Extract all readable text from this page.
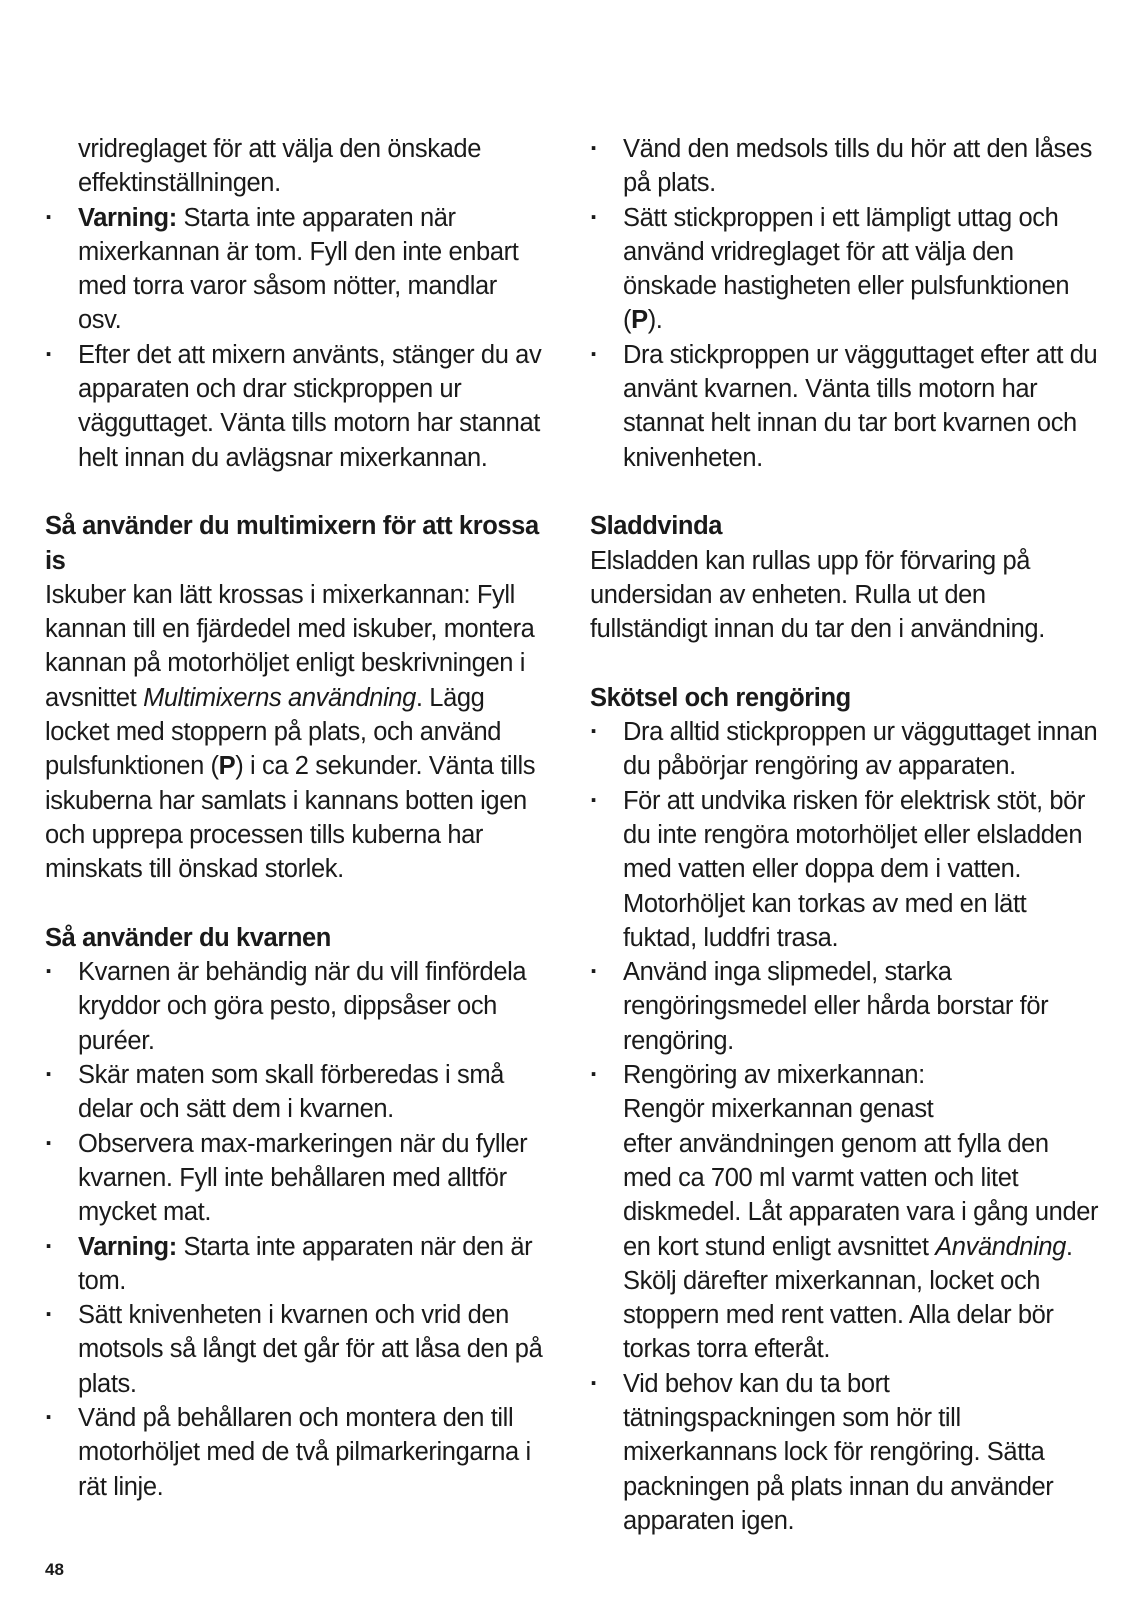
vridreglaget för att välja den önskade effektinställningen.

· Varning: Starta inte apparaten när mixerkannan är tom. Fyll den inte enbart med torra varor såsom nötter, mandlar osv.

· Efter det att mixern använts, stänger du av apparaten och drar stickproppen ur vägguttaget. Vänta tills motorn har stannat helt innan du avlägsnar mixerkannan.

Så använder du multimixern för att krossa is

Iskuber kan lätt krossas i mixerkannan: Fyll kannan till en fjärdedel med iskuber, montera kannan på motorhöljet enligt beskrivningen i avsnittet Multimixerns användning. Lägg locket med stoppern på plats, och använd pulsfunktionen (P) i ca 2 sekunder. Vänta tills iskuberna har samlats i kannans botten igen och upprepa processen tills kuberna har minskats till önskad storlek.

Så använder du kvarnen

· Kvarnen är behändig när du vill finfördela kryddor och göra pesto, dippsåser och puréer.

· Skär maten som skall förberedas i små delar och sätt dem i kvarnen.

· Observera max-markeringen när du fyller kvarnen. Fyll inte behållaren med alltför mycket mat.

· Varning: Starta inte apparaten när den är tom.

· Sätt knivenheten i kvarnen och vrid den motsols så långt det går för att låsa den på plats.

· Vänd på behållaren och montera den till motorhöljet med de två pilmarkeringarna i rät linje.

· Vänd den medsols tills du hör att den låses på plats.

· Sätt stickproppen i ett lämpligt uttag och använd vridreglaget för att välja den önskade hastigheten eller pulsfunktionen (P).

· Dra stickproppen ur vägguttaget efter att du använt kvarnen. Vänta tills motorn har stannat helt innan du tar bort kvarnen och knivenheten.

Sladdvinda

Elsladden kan rullas upp för förvaring på undersidan av enheten. Rulla ut den fullständigt innan du tar den i användning.

Skötsel och rengöring

· Dra alltid stickproppen ur vägguttaget innan du påbörjar rengöring av apparaten.

· För att undvika risken för elektrisk stöt, bör du inte rengöra motorhöljet eller elsladden med vatten eller doppa dem i vatten. Motorhöljet kan torkas av med en lätt fuktad, luddfri trasa.

· Använd inga slipmedel, starka rengöringsmedel eller hårda borstar för rengöring.

· Rengöring av mixerkannan:
Rengör mixerkannan genast
efter användningen genom att fylla den med ca 700 ml varmt vatten och litet diskmedel. Låt apparaten vara i gång under en kort stund enligt avsnittet Användning. Skölj därefter mixerkannan, locket och stoppern med rent vatten. Alla delar bör torkas torra efteråt.

· Vid behov kan du ta bort tätningspackningen som hör till mixerkannans lock för rengöring. Sätta packningen på plats innan du använder apparaten igen.

48
